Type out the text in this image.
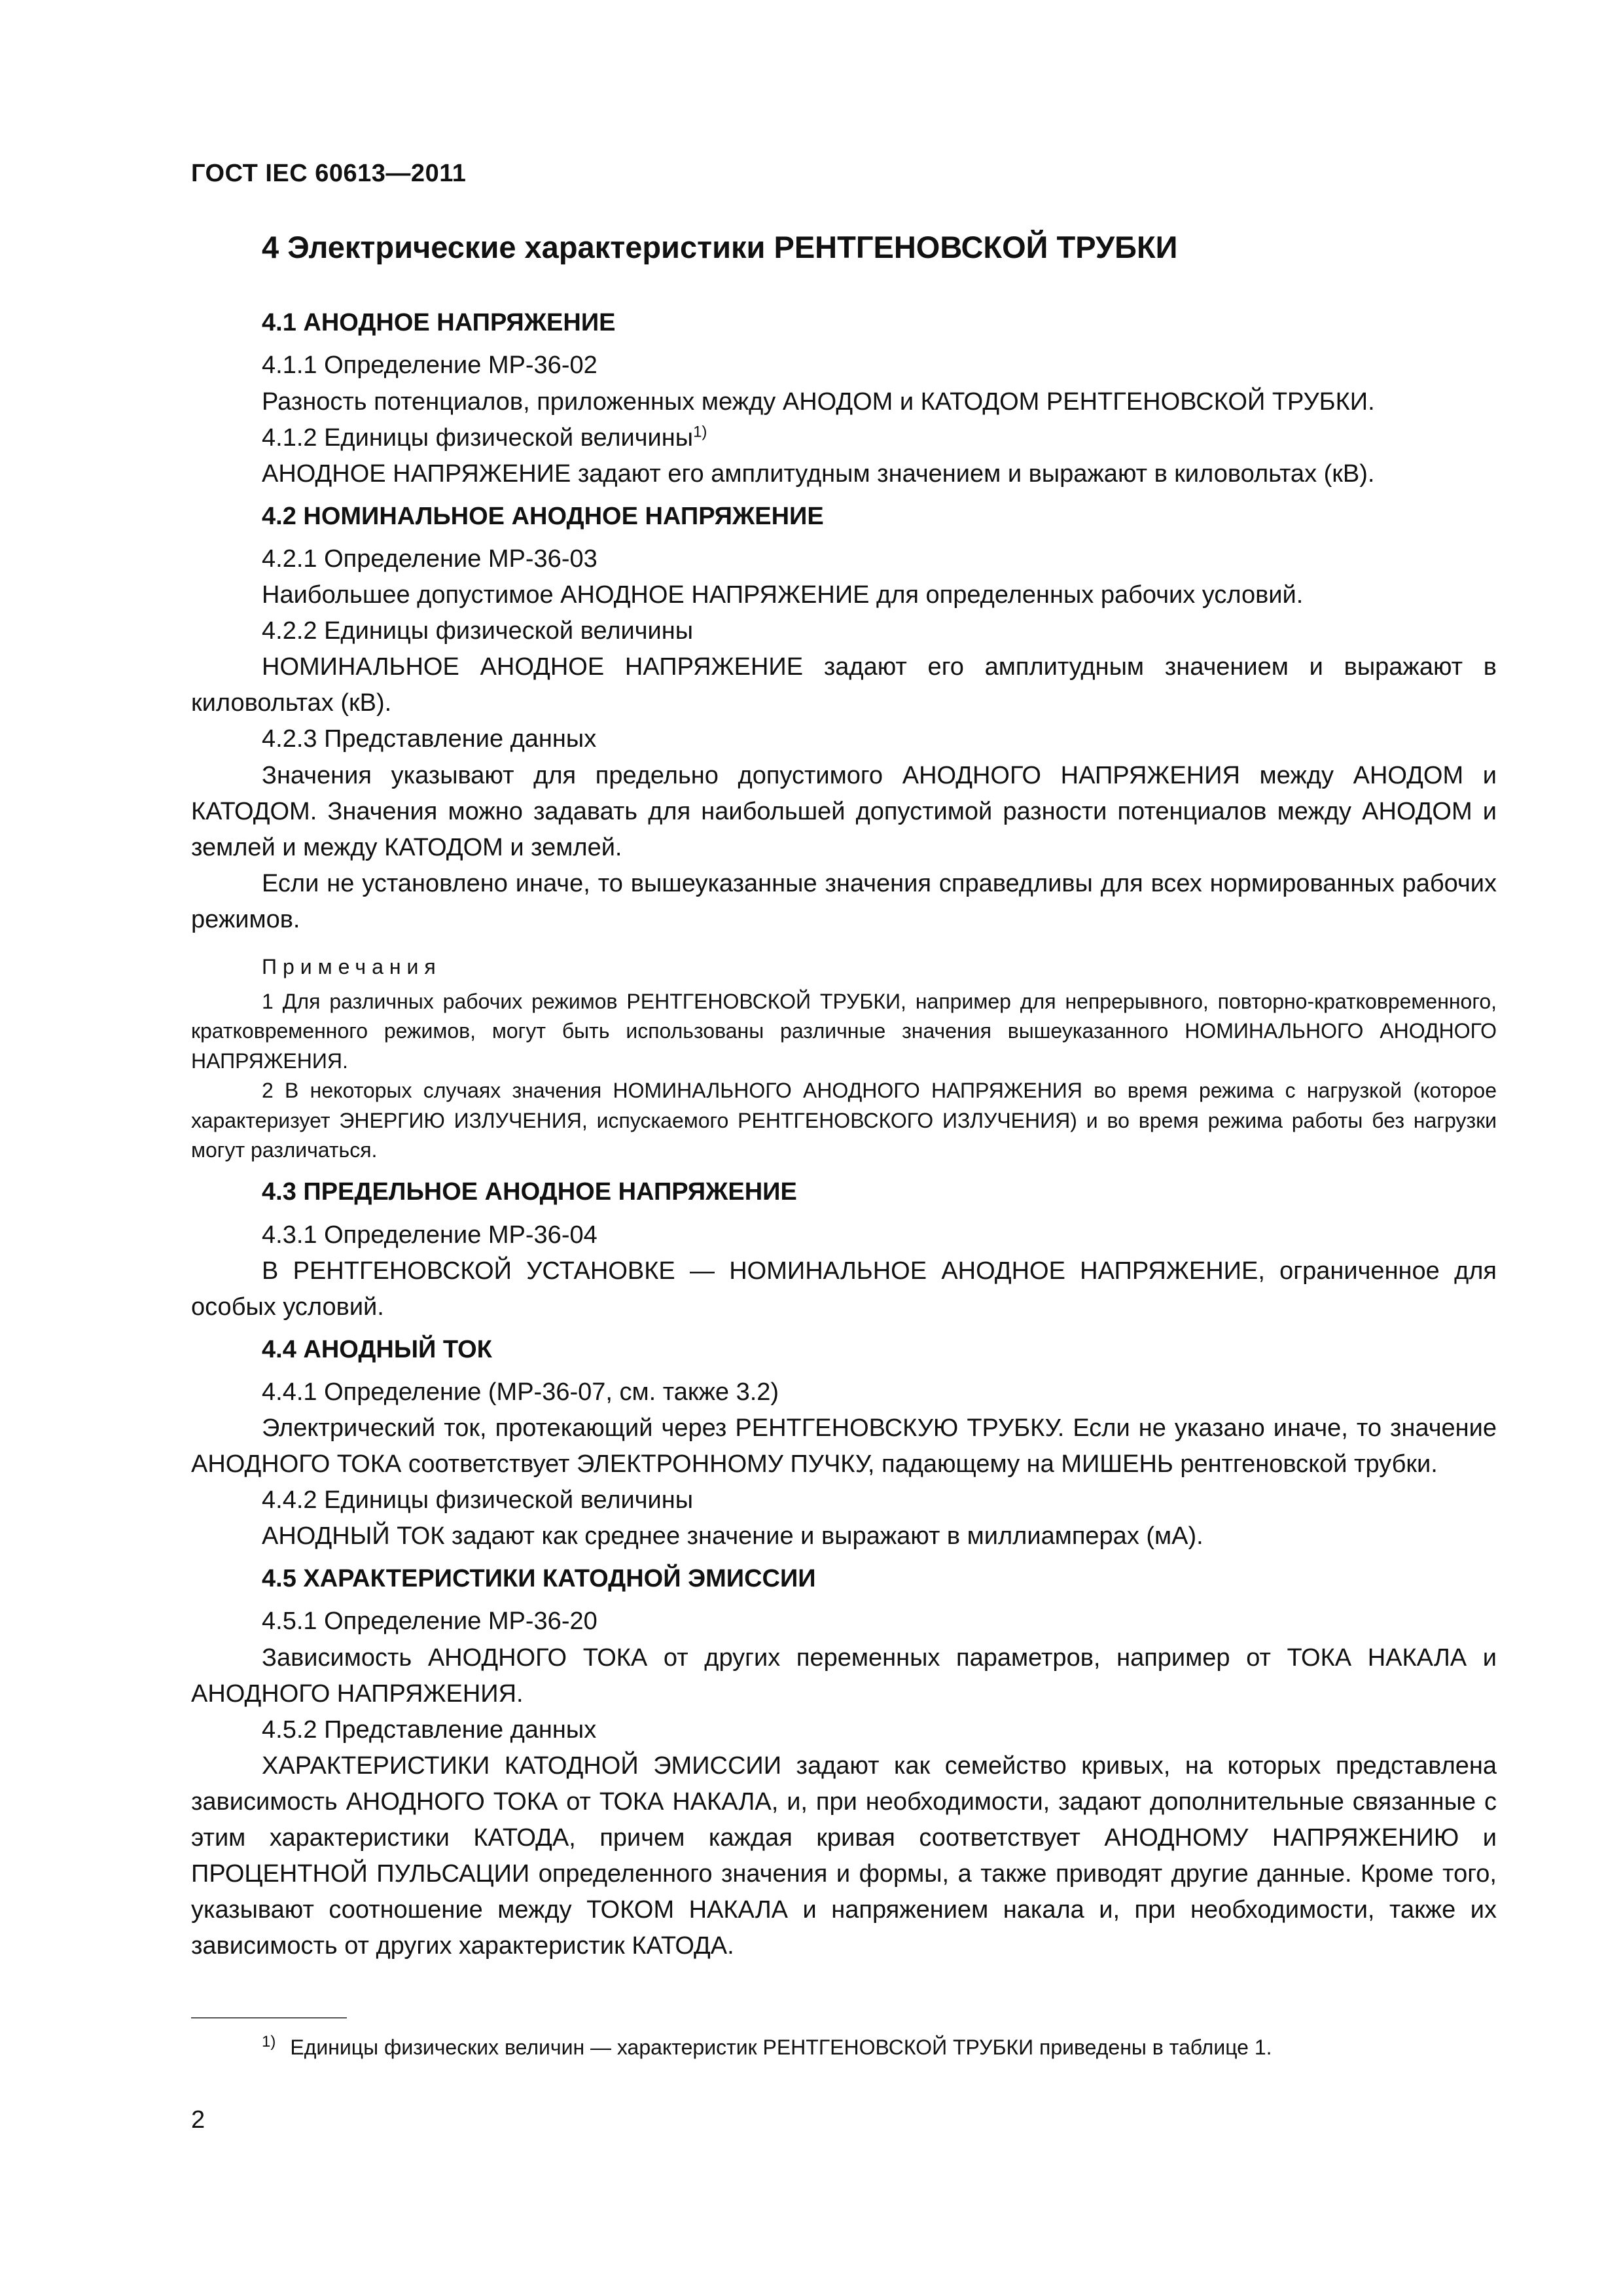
ГОСТ IEC 60613—2011
4 Электрические характеристики РЕНТГЕНОВСКОЙ ТРУБКИ
4.1 АНОДНОЕ НАПРЯЖЕНИЕ

4.1.1 Определение МР-36-02

Разность потенциалов, приложенных между АНОДОМ и КАТОДОМ РЕНТГЕНОВСКОЙ ТРУБКИ.

4.1.2 Единицы физической величины$^{1)}$

АНОДНОЕ НАПРЯЖЕНИЕ задают его амплитудным значением и выражают в киловольтах (кВ).

4.2 НОМИНАЛЬНОЕ АНОДНОЕ НАПРЯЖЕНИЕ

4.2.1 Определение МР-36-03

Наибольшее допустимое АНОДНОЕ НАПРЯЖЕНИЕ для определенных рабочих условий.

4.2.2 Единицы физической величины

НОМИНАЛЬНОЕ АНОДНОЕ НАПРЯЖЕНИЕ задают его амплитудным значением и выражают в киловольтах (кВ).

4.2.3 Представление данных

Значения указывают для предельно допустимого АНОДНОГО НАПРЯЖЕНИЯ между АНОДОМ и КАТОДОМ. Значения можно задавать для наибольшей допустимой разности потенциалов между АНОДОМ и землей и между КАТОДОМ и землей.

Если не установлено иначе, то вышеуказанные значения справедливы для всех нормированных рабочих режимов.

Примечания

1 Для различных рабочих режимов РЕНТГЕНОВСКОЙ ТРУБКИ, например для непрерывного, повторно-кратковременного, кратковременного режимов, могут быть использованы различные значения вышеуказанного НОМИНАЛЬНОГО АНОДНОГО НАПРЯЖЕНИЯ.

2 В некоторых случаях значения НОМИНАЛЬНОГО АНОДНОГО НАПРЯЖЕНИЯ во время режима с нагрузкой (которое характеризует ЭНЕРГИЮ ИЗЛУЧЕНИЯ, испускаемого РЕНТГЕНОВСКОГО ИЗЛУЧЕНИЯ) и во время режима работы без нагрузки могут различаться.

4.3 ПРЕДЕЛЬНОЕ АНОДНОЕ НАПРЯЖЕНИЕ

4.3.1 Определение МР-36-04

В РЕНТГЕНОВСКОЙ УСТАНОВКЕ — НОМИНАЛЬНОЕ АНОДНОЕ НАПРЯЖЕНИЕ, ограниченное для особых условий.

4.4 АНОДНЫЙ ТОК

4.4.1 Определение (МР-36-07, см. также 3.2)

Электрический ток, протекающий через РЕНТГЕНОВСКУЮ ТРУБКУ. Если не указано иначе, то значение АНОДНОГО ТОКА соответствует ЭЛЕКТРОННОМУ ПУЧКУ, падающему на МИШЕНЬ рентгеновской трубки.

4.4.2 Единицы физической величины

АНОДНЫЙ ТОК задают как среднее значение и выражают в миллиамперах (мА).

4.5 ХАРАКТЕРИСТИКИ КАТОДНОЙ ЭМИССИИ

4.5.1 Определение МР-36-20

Зависимость АНОДНОГО ТОКА от других переменных параметров, например от ТОКА НАКАЛА и АНОДНОГО НАПРЯЖЕНИЯ.

4.5.2 Представление данных

ХАРАКТЕРИСТИКИ КАТОДНОЙ ЭМИССИИ задают как семейство кривых, на которых представлена зависимость АНОДНОГО ТОКА от ТОКА НАКАЛА, и, при необходимости, задают дополнительные связанные с этим характеристики КАТОДА, причем каждая кривая соответствует АНОДНОМУ НАПРЯЖЕНИЮ и ПРОЦЕНТНОЙ ПУЛЬСАЦИИ определенного значения и формы, а также приводят другие данные. Кроме того, указывают соотношение между ТОКОМ НАКАЛА и напряжением накала и, при необходимости, также их зависимость от других характеристик КАТОДА.

$^{1)}$ Единицы физических величин — характеристик РЕНТГЕНОВСКОЙ ТРУБКИ приведены в таблице 1.
2
